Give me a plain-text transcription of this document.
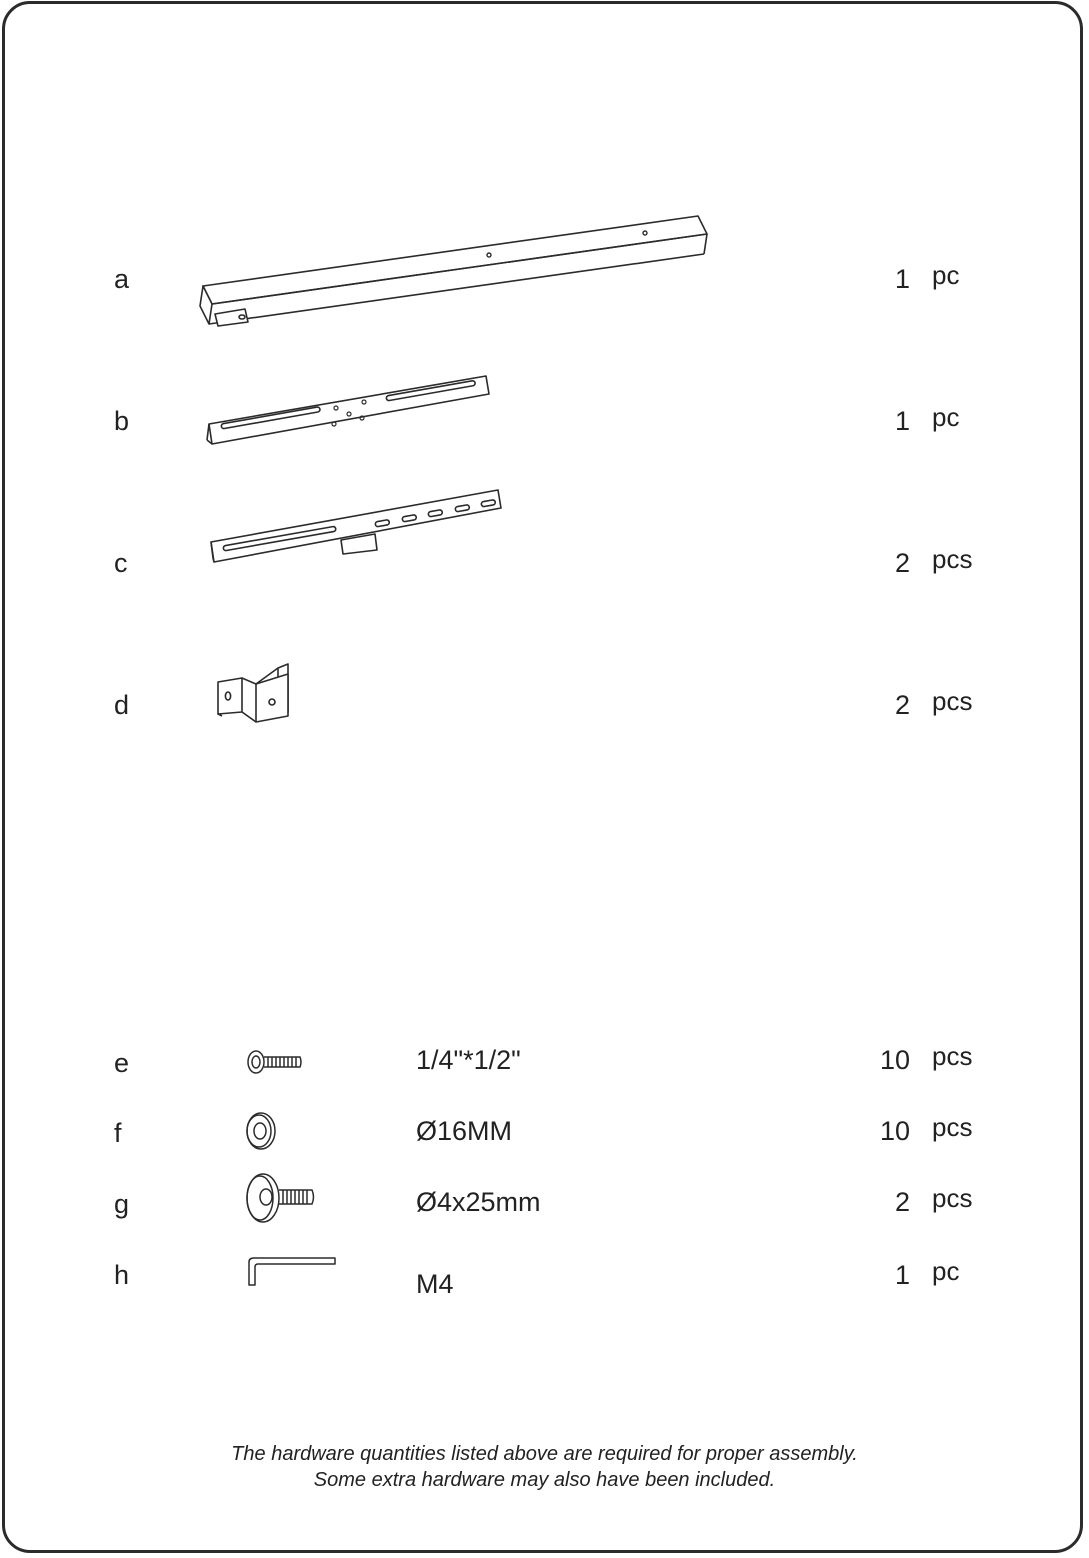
a	1 pc
b	1 pc
c	2 pcs
d	2 pcs
e	1/4"*1/2"	10 pcs
f	Ø16MM	10 pcs
g	Ø4x25mm	2 pcs
h	M4	1 pc
The hardware quantities listed above are required for proper assembly.
Some extra hardware may also have been included.
